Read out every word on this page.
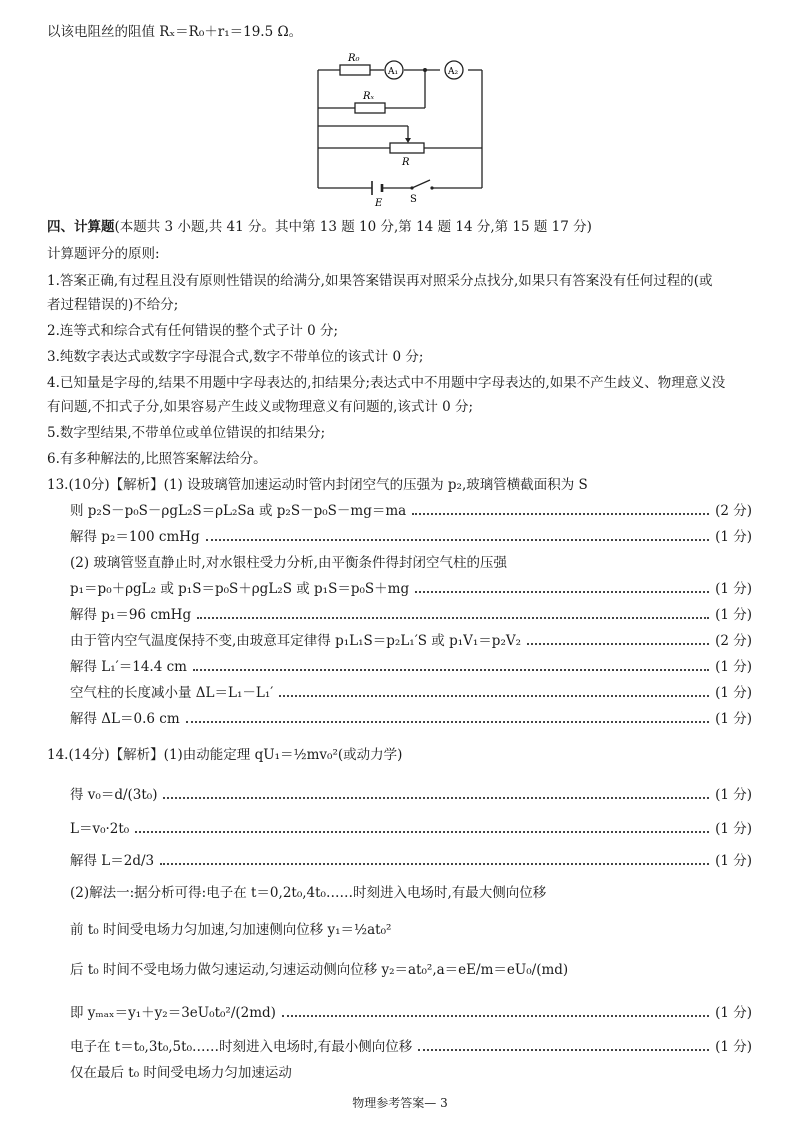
以该电阻丝的阻值 Rₓ＝R₀＋r₁＝19.5 Ω。
R₀
Rₓ
A₁	A₂
R
E	S
四、计算题(本题共 3 小题,共 41 分。其中第 13 题 10 分,第 14 题 14 分,第 15 题 17 分)
计算题评分的原则:
1.答案正确,有过程且没有原则性错误的给满分,如果答案错误再对照采分点找分,如果只有答案没有任何过程的(或
者过程错误的)不给分;
2.连等式和综合式有任何错误的整个式子计 0 分;
3.纯数字表达式或数字字母混合式,数字不带单位的该式计 0 分;
4.已知量是字母的,结果不用题中字母表达的,扣结果分;表达式中不用题中字母表达的,如果不产生歧义、物理意义没
有问题,不扣式子分,如果容易产生歧义或物理意义有问题的,该式计 0 分;
5.数字型结果,不带单位或单位错误的扣结果分;
6.有多种解法的,比照答案解法给分。
13.(10分)【解析】(1) 设玻璃管加速运动时管内封闭空气的压强为 p₂,玻璃管横截面积为 S
则 p₂S－p₀S－ρgL₂S＝ρL₂Sa 或 p₂S－p₀S－mg＝ma	(2 分)
解得 p₂＝100 cmHg	(1 分)
(2) 玻璃管竖直静止时,对水银柱受力分析,由平衡条件得封闭空气柱的压强
p₁＝p₀＋ρgL₂ 或 p₁S＝p₀S＋ρgL₂S 或 p₁S＝p₀S＋mg	(1 分)
解得 p₁＝96 cmHg	(1 分)
由于管内空气温度保持不变,由玻意耳定律得 p₁L₁S＝p₂L₁′S 或 p₁V₁＝p₂V₂	(2 分)
解得 L₁′＝14.4 cm	(1 分)
空气柱的长度减小量 ΔL＝L₁－L₁′	(1 分)
解得 ΔL＝0.6 cm	(1 分)
14.(14分)【解析】(1)由动能定理 qU₁＝½mv₀²(或动力学)
得 v₀＝d/(3t₀)	(1 分)
L＝v₀·2t₀	(1 分)
解得 L＝2d/3	(1 分)
(2)解法一:据分析可得:电子在 t＝0,2t₀,4t₀……时刻进入电场时,有最大侧向位移
前 t₀ 时间受电场力匀加速,匀加速侧向位移 y₁＝½at₀²
后 t₀ 时间不受电场力做匀速运动,匀速运动侧向位移 y₂＝at₀²,a＝eE/m＝eU₀/(md)
即 yₘₐₓ＝y₁＋y₂＝3eU₀t₀²/(2md)	(1 分)
电子在 t＝t₀,3t₀,5t₀……时刻进入电场时,有最小侧向位移	(1 分)
仅在最后 t₀ 时间受电场力匀加速运动
物理参考答案— 3
